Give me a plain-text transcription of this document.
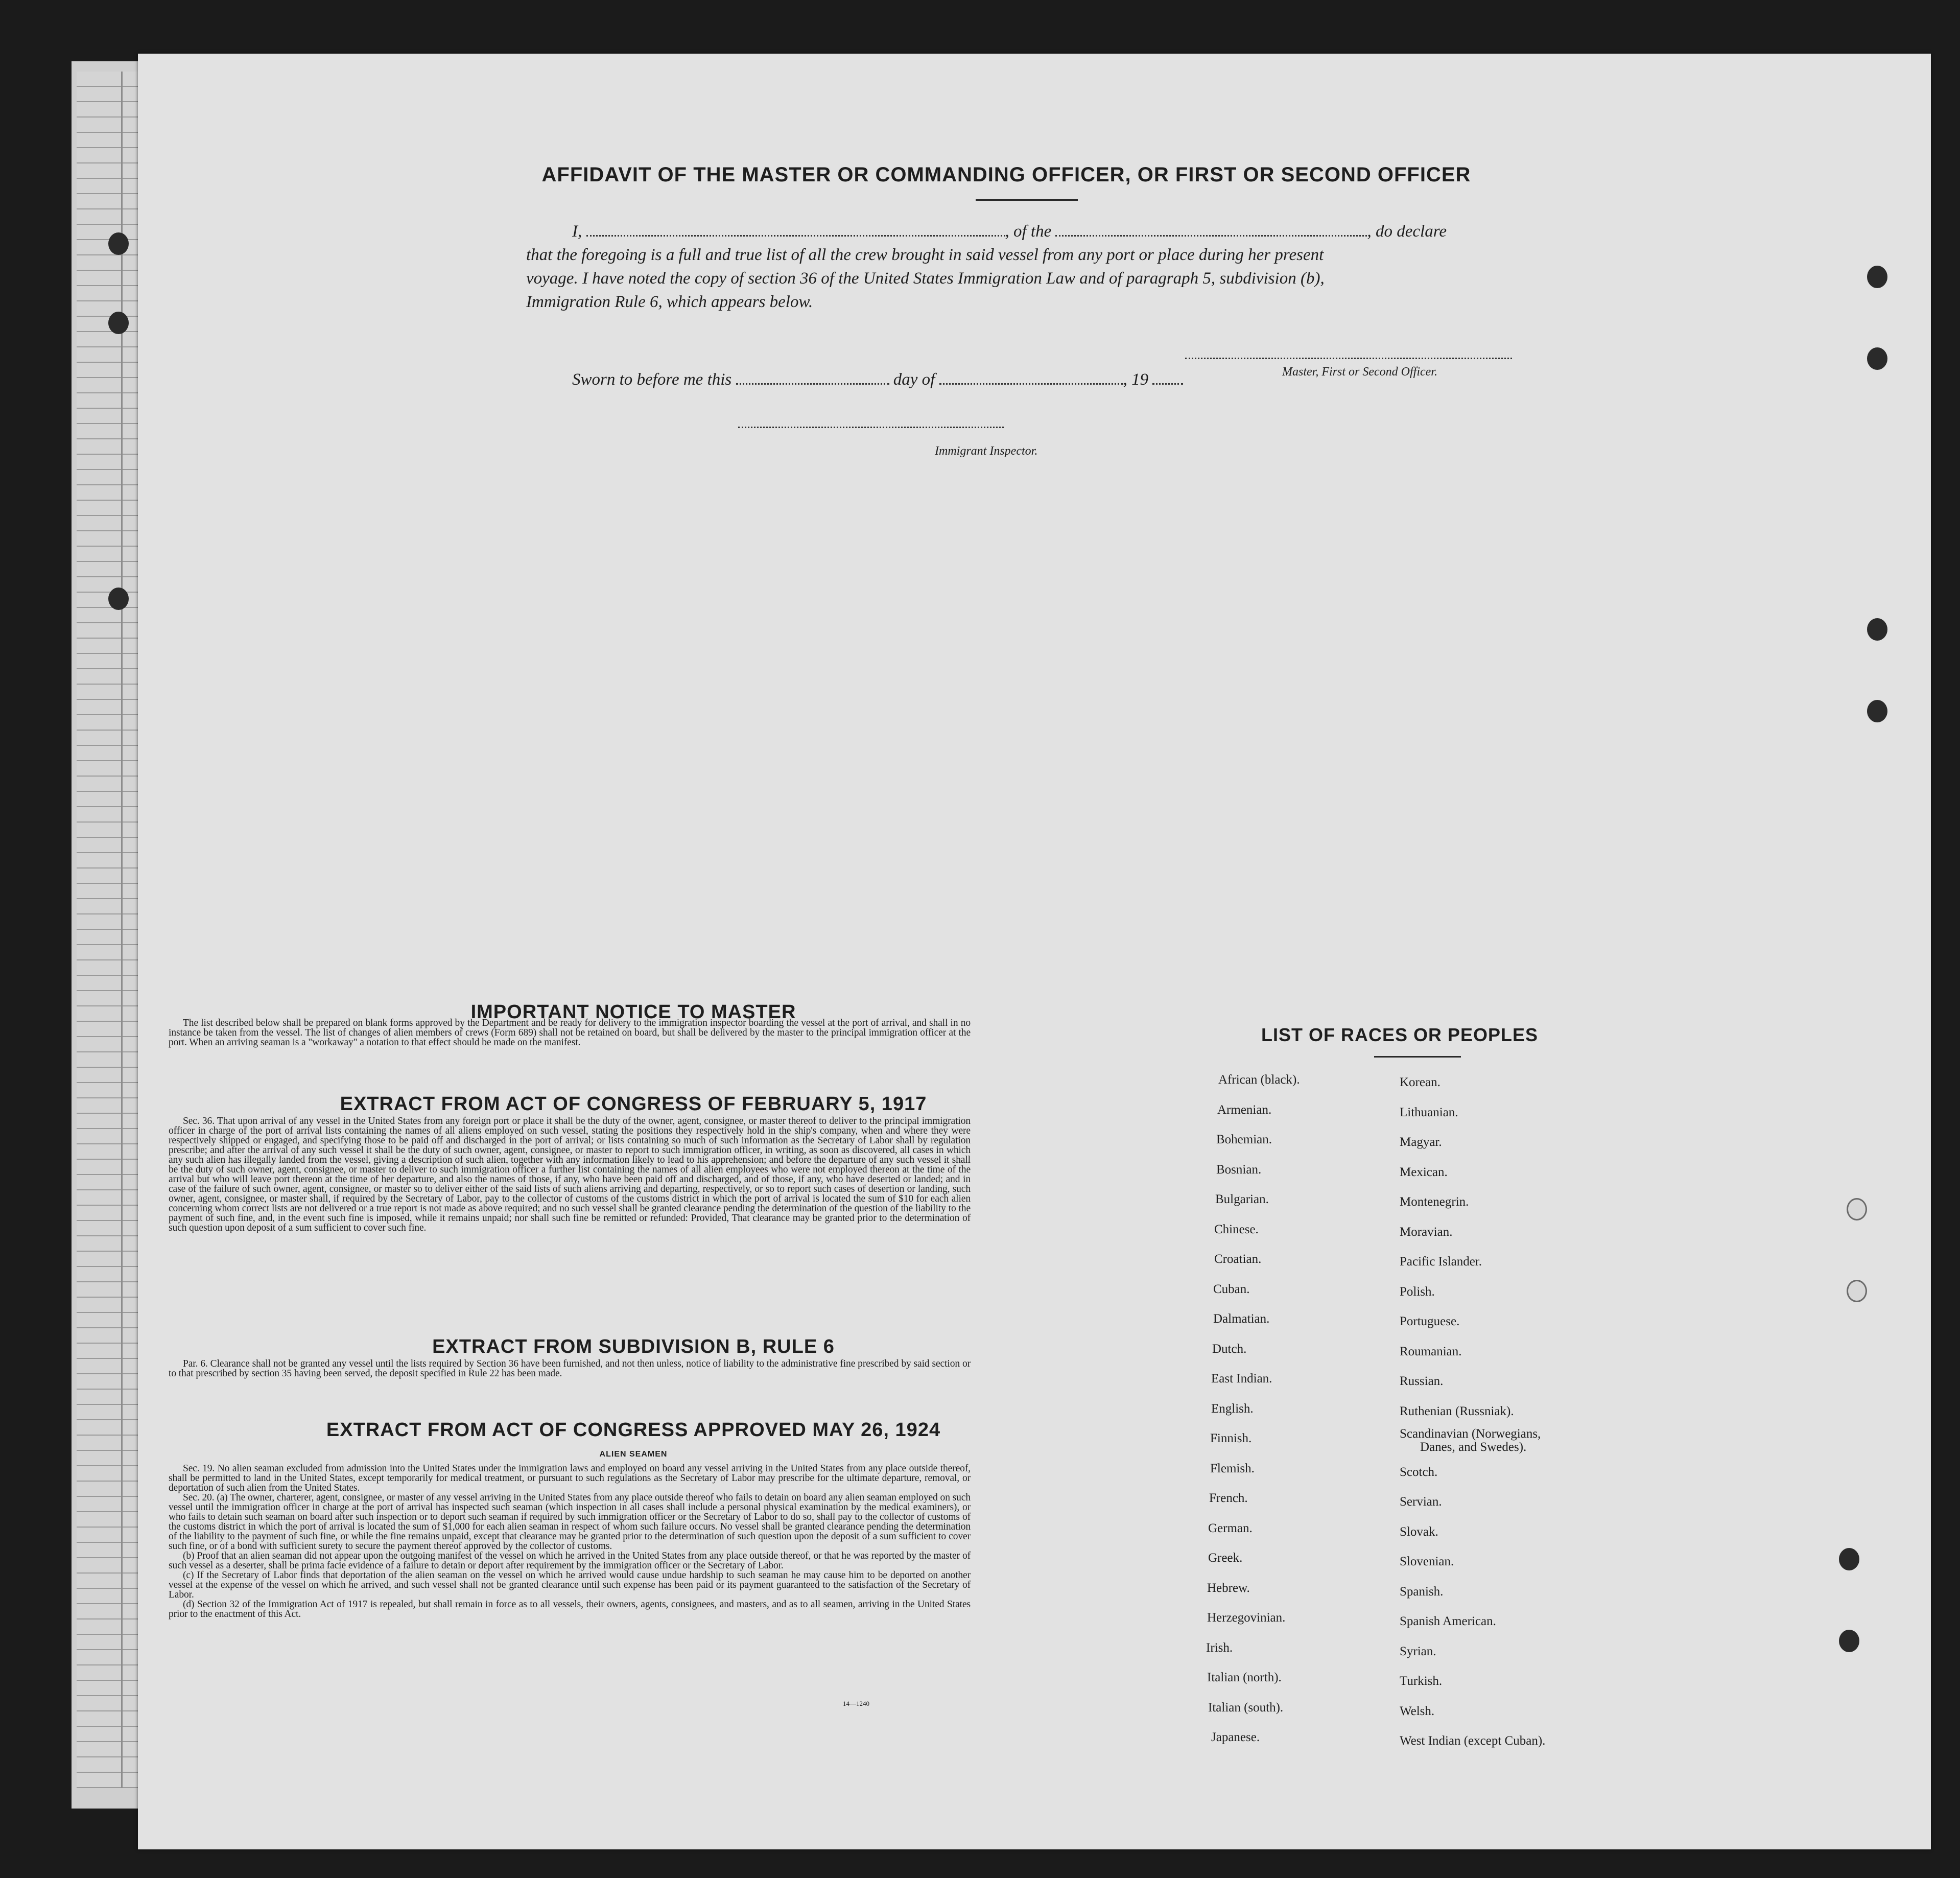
AFFIDAVIT OF THE MASTER OR COMMANDING OFFICER, OR FIRST OR SECOND OFFICER
I,	, of the	, do declare
that the foregoing is a full and true list of all the crew brought in said vessel from any port or place during her present
voyage. I have noted the copy of section 36 of the United States Immigration Law and of paragraph 5, subdivision (b),
Immigration Rule 6, which appears below.
Master, First or Second Officer.
Sworn to before me this	day of	, 19
Immigrant Inspector.
IMPORTANT NOTICE TO MASTER

The list described below shall be prepared on blank forms approved by the Department and be ready for delivery to the immigration inspector boarding the vessel at the port of arrival, and shall in no instance be taken from the vessel. The list of changes of alien members of crews (Form 689) shall not be retained on board, but shall be delivered by the master to the principal immigration officer at the port. When an arriving seaman is a "workaway" a notation to that effect should be made on the manifest.

EXTRACT FROM ACT OF CONGRESS OF FEBRUARY 5, 1917

Sec. 36. That upon arrival of any vessel in the United States from any foreign port or place it shall be the duty of the owner, agent, consignee, or master thereof to deliver to the principal immigration officer in charge of the port of arrival lists containing the names of all aliens employed on such vessel, stating the positions they respectively hold in the ship's company, when and where they were respectively shipped or engaged, and specifying those to be paid off and discharged in the port of arrival; or lists containing so much of such information as the Secretary of Labor shall by regulation prescribe; and after the arrival of any such vessel it shall be the duty of such owner, agent, consignee, or master to report to such immigration officer, in writing, as soon as discovered, all cases in which any such alien has illegally landed from the vessel, giving a description of such alien, together with any information likely to lead to his apprehension; and before the departure of any such vessel it shall be the duty of such owner, agent, consignee, or master to deliver to such immigration officer a further list containing the names of all alien employees who were not employed thereon at the time of the arrival but who will leave port thereon at the time of her departure, and also the names of those, if any, who have been paid off and discharged, and of those, if any, who have deserted or landed; and in case of the failure of such owner, agent, consignee, or master so to deliver either of the said lists of such aliens arriving and departing, respectively, or so to report such cases of desertion or landing, such owner, agent, consignee, or master shall, if required by the Secretary of Labor, pay to the collector of customs of the customs district in which the port of arrival is located the sum of $10 for each alien concerning whom correct lists are not delivered or a true report is not made as above required; and no such vessel shall be granted clearance pending the determination of the question of the liability to the payment of such fine, and, in the event such fine is imposed, while it remains unpaid; nor shall such fine be remitted or refunded: Provided, That clearance may be granted prior to the determination of such question upon deposit of a sum sufficient to cover such fine.

EXTRACT FROM SUBDIVISION B, RULE 6

Par. 6. Clearance shall not be granted any vessel until the lists required by Section 36 have been furnished, and not then unless, notice of liability to the administrative fine prescribed by said section or to that prescribed by section 35 having been served, the deposit specified in Rule 22 has been made.

EXTRACT FROM ACT OF CONGRESS APPROVED MAY 26, 1924
ALIEN SEAMEN

Sec. 19. No alien seaman excluded from admission into the United States under the immigration laws and employed on board any vessel arriving in the United States from any place outside thereof, shall be permitted to land in the United States, except temporarily for medical treatment, or pursuant to such regulations as the Secretary of Labor may prescribe for the ultimate departure, removal, or deportation of such alien from the United States.

Sec. 20. (a) The owner, charterer, agent, consignee, or master of any vessel arriving in the United States from any place outside thereof who fails to detain on board any alien seaman employed on such vessel until the immigration officer in charge at the port of arrival has inspected such seaman (which inspection in all cases shall include a personal physical examination by the medical examiners), or who fails to detain such seaman on board after such inspection or to deport such seaman if required by such immigration officer or the Secretary of Labor to do so, shall pay to the collector of customs of the customs district in which the port of arrival is located the sum of $1,000 for each alien seaman in respect of whom such failure occurs. No vessel shall be granted clearance pending the determination of the liability to the payment of such fine, or while the fine remains unpaid, except that clearance may be granted prior to the determination of such question upon the deposit of a sum sufficient to cover such fine, or of a bond with sufficient surety to secure the payment thereof approved by the collector of customs.

(b) Proof that an alien seaman did not appear upon the outgoing manifest of the vessel on which he arrived in the United States from any place outside thereof, or that he was reported by the master of such vessel as a deserter, shall be prima facie evidence of a failure to detain or deport after requirement by the immigration officer or the Secretary of Labor.

(c) If the Secretary of Labor finds that deportation of the alien seaman on the vessel on which he arrived would cause undue hardship to such seaman he may cause him to be deported on another vessel at the expense of the vessel on which he arrived, and such vessel shall not be granted clearance until such expense has been paid or its payment guaranteed to the satisfaction of the Secretary of Labor.

(d) Section 32 of the Immigration Act of 1917 is repealed, but shall remain in force as to all vessels, their owners, agents, consignees, and masters, and as to all seamen, arriving in the United States prior to the enactment of this Act.

14—1240
LIST OF RACES OR PEOPLES
African (black).
Armenian.
Bohemian.
Bosnian.
Bulgarian.
Chinese.
Croatian.
Cuban.
Dalmatian.
Dutch.
East Indian.
English.
Finnish.
Flemish.
French.
German.
Greek.
Hebrew.
Herzegovinian.
Irish.
Italian (north).
Italian (south).
Japanese.
Korean.
Lithuanian.
Magyar.
Mexican.
Montenegrin.
Moravian.
Pacific Islander.
Polish.
Portuguese.
Roumanian.
Russian.
Ruthenian (Russniak).
Scandinavian (Norwegians,
Danes, and Swedes).
Scotch.
Servian.
Slovak.
Slovenian.
Spanish.
Spanish American.
Syrian.
Turkish.
Welsh.
West Indian (except Cuban).
